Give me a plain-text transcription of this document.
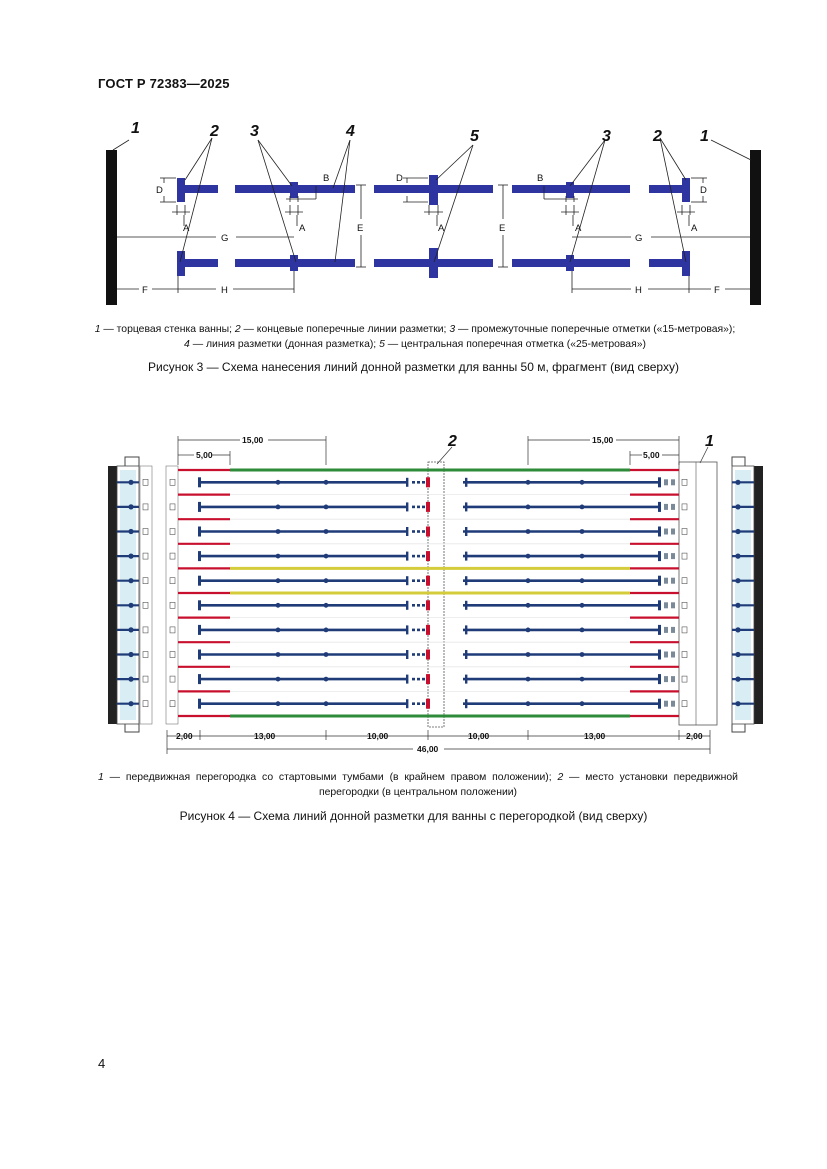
ГОСТ Р 72383—2025
1	2 3	4	5	3	2 1
D
A
G
A
B
E
D
A	E
B
A
G
A
D
F	H	H	F
1 — торцевая стенка ванны; 2 — концевые поперечные линии разметки; 3 — промежуточные поперечные отметки («15-метровая»);
4 — линия разметки (донная разметка); 5 — центральная поперечная отметка («25-метровая»)
Рисунок 3 — Схема нанесения линий донной разметки для ванны 50 м, фрагмент (вид сверху)
15,00
5,00
15,00
5,00
2,00	13,00	10,00	10,00	13,00	2,00
46,00
2	1
1 — передвижная перегородка со стартовыми тумбами (в крайнем правом положении); 2 — место установки передвижной перегородки (в центральном положении)
Рисунок 4 — Схема линий донной разметки для ванны с перегородкой (вид сверху)
4
